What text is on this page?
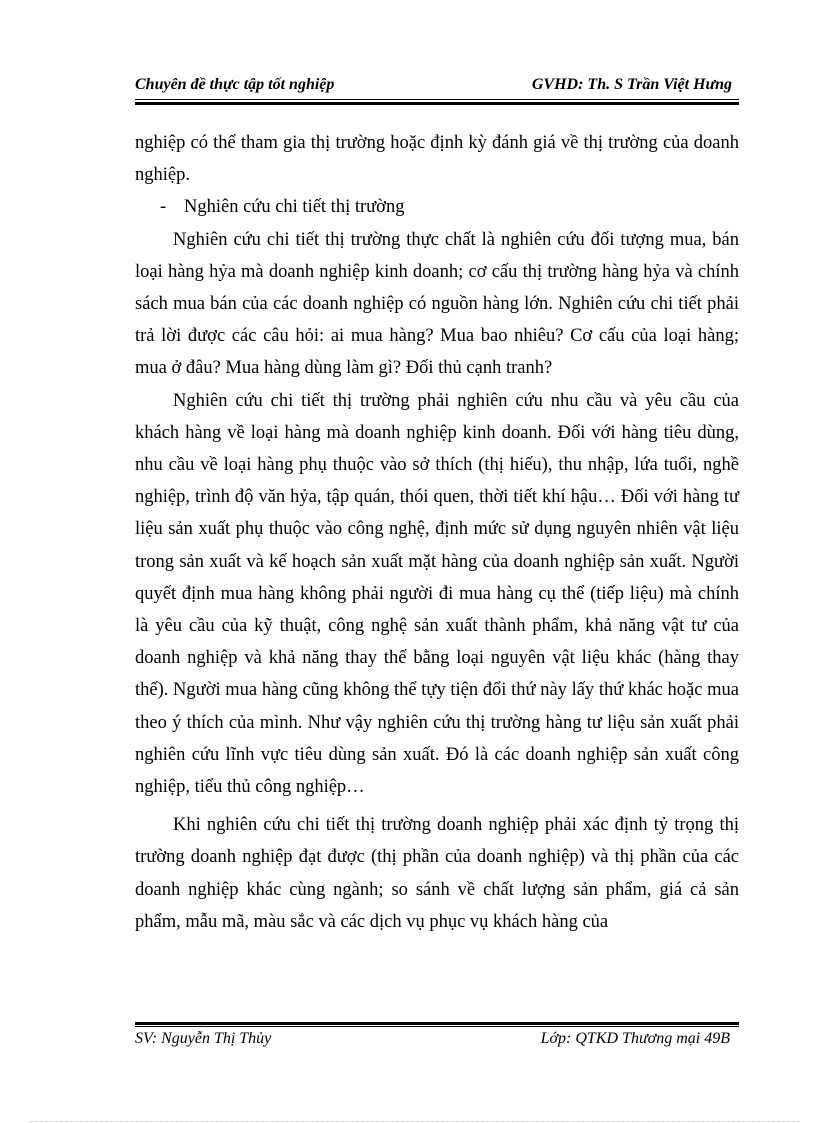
Chuyên đề thực tập tốt nghiệp	GVHD: Th. S Trần Việt Hưng

nghiệp có thể tham gia thị trường hoặc định kỳ đánh giá về thị trường của doanh nghiệp.

- Nghiên cứu chi tiết thị trường

Nghiên cứu chi tiết thị trường thực chất là nghiên cứu đối tượng mua, bán loại hàng hỷa mà doanh nghiệp kinh doanh; cơ cấu thị trường hàng hỷa và chính sách mua bán của các doanh nghiệp có nguồn hàng lớn. Nghiên cứu chi tiết phải trả lời được các câu hỏi: ai mua hàng? Mua bao nhiêu? Cơ cấu của loại hàng; mua ở đâu? Mua hàng dùng làm gì? Đối thủ cạnh tranh?

Nghiên cứu chi tiết thị trường phải nghiên cứu nhu cầu và yêu cầu của khách hàng về loại hàng mà doanh nghiệp kinh doanh. Đối với hàng tiêu dùng, nhu cầu về loại hàng phụ thuộc vào sở thích (thị hiếu), thu nhập, lứa tuổi, nghề nghiệp, trình độ văn hỷa, tập quán, thói quen, thời tiết khí hậu… Đối với hàng tư liệu sản xuất phụ thuộc vào công nghệ, định mức sử dụng nguyên nhiên vật liệu trong sản xuất và kế hoạch sản xuất mặt hàng của doanh nghiệp sản xuất. Người quyết định mua hàng không phải người đi mua hàng cụ thể (tiếp liệu) mà chính là yêu cầu của kỹ thuật, công nghệ sản xuất thành phẩm, khả năng vật tư của doanh nghiệp và khả năng thay thế bằng loại nguyên vật liệu khác (hàng thay thế). Người mua hàng cũng không thể tựy tiện đổi thứ này lấy thứ khác hoặc mua theo ý thích của mình. Như vậy nghiên cứu thị trường hàng tư liệu sản xuất phải nghiên cứu lĩnh vực tiêu dùng sản xuất. Đó là các doanh nghiệp sản xuất công nghiệp, tiểu thủ công nghiệp…

Khi nghiên cứu chi tiết thị trường doanh nghiệp phải xác định tỷ trọng thị trường doanh nghiệp đạt được (thị phần của doanh nghiệp) và thị phần của các doanh nghiệp khác cùng ngành; so sánh về chất lượng sản phẩm, giá cả sản phẩm, mẫu mã, màu sắc và các dịch vụ phục vụ khách hàng của

SV: Nguyễn Thị Thủy	Lớp: QTKD Thương mại 49B
